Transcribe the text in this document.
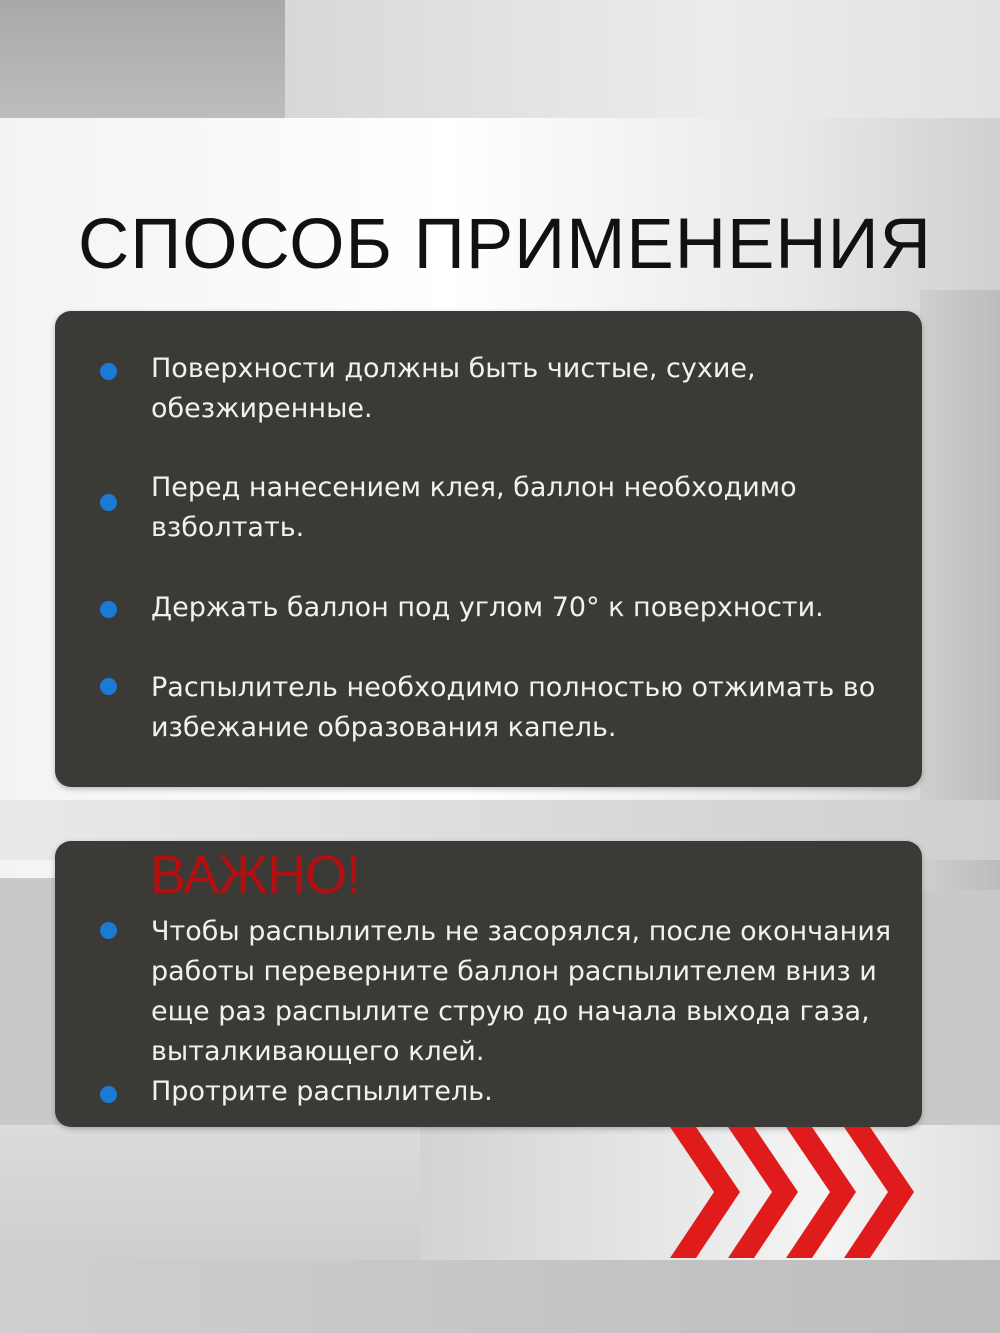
СПОСОБ ПРИМЕНЕНИЯ
Поверхности должны быть чистые, сухие, обезжиренные.
Перед нанесением клея, баллон необходимо взболтать.
Держать баллон под углом 70° к поверхности.
Распылитель необходимо полностью отжимать во избежание образования капель.
ВАЖНО!
Чтобы распылитель не засорялся, после окончания работы переверните баллон распылителем вниз и еще раз распылите струю до начала выхода газа, выталкивающего клей.
Протрите распылитель.
